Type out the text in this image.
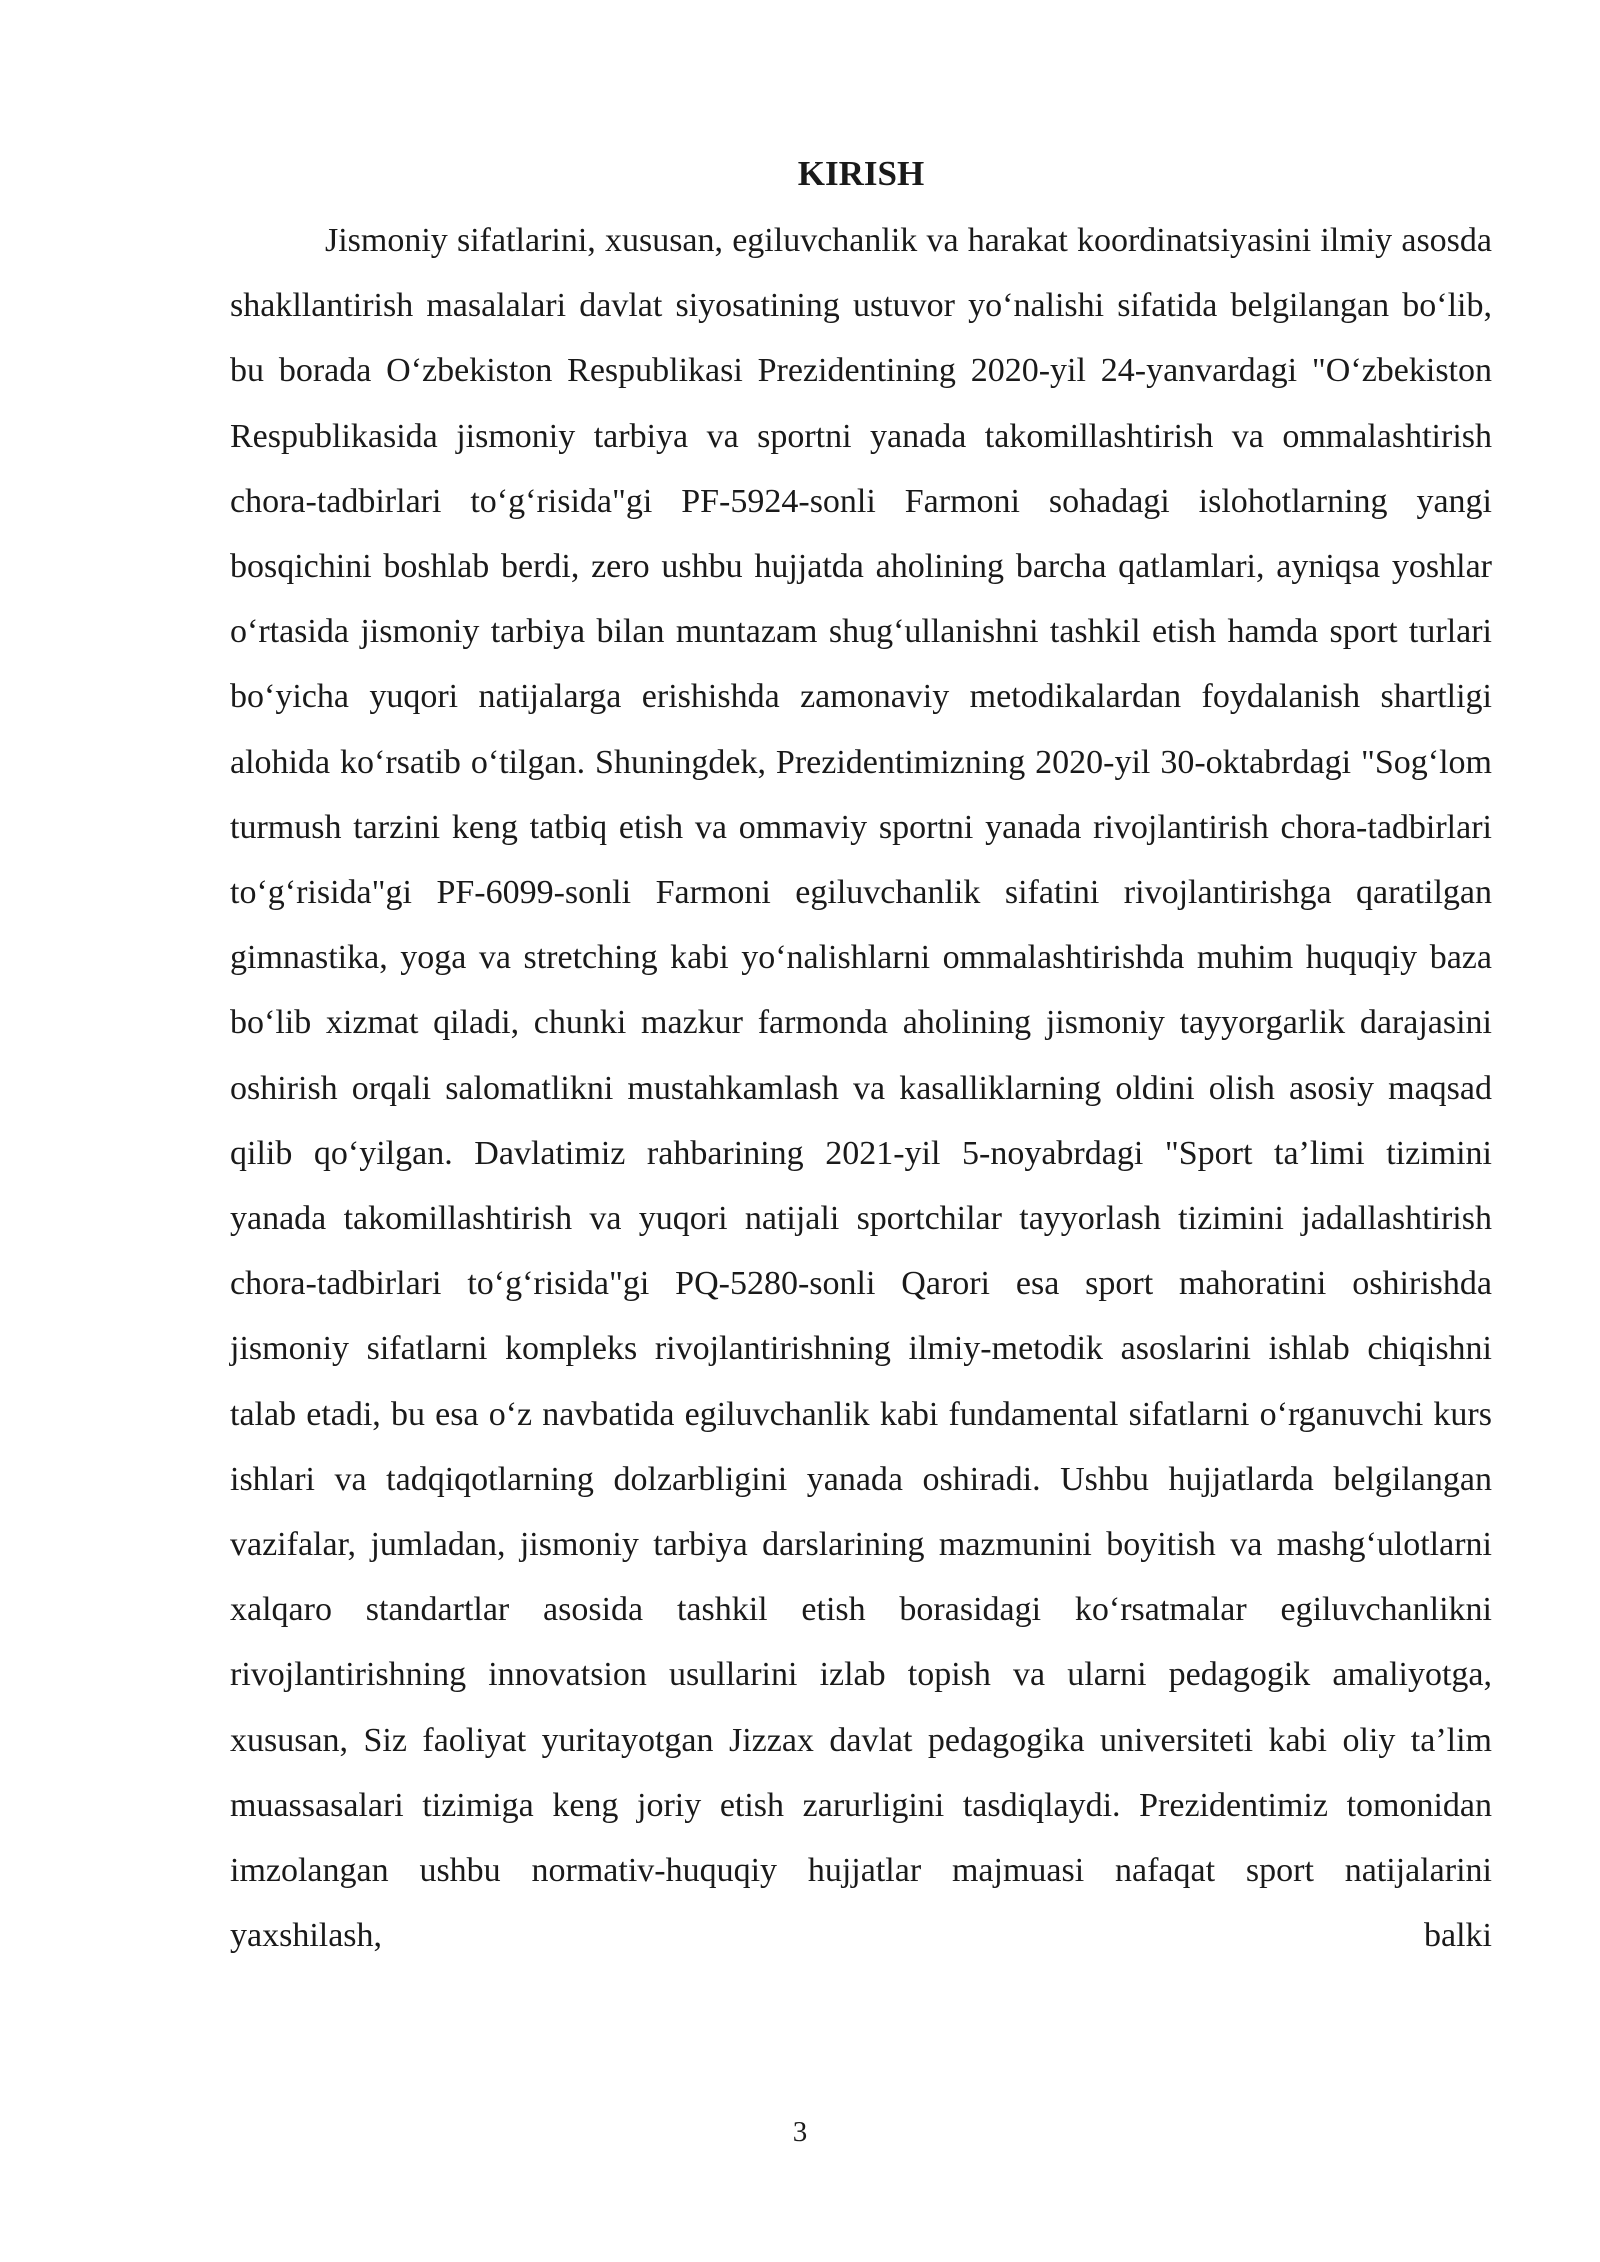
KIRISH

Jismoniy sifatlarini, xususan, egiluvchanlik va harakat koordinatsiyasini ilmiy asosda shakllantirish masalalari davlat siyosatining ustuvor yo‘nalishi sifatida belgilangan bo‘lib, bu borada O‘zbekiston Respublikasi Prezidentining 2020-yil 24-yanvardagi "O‘zbekiston Respublikasida jismoniy tarbiya va sportni yanada takomillashtirish va ommalashtirish chora-tadbirlari to‘g‘risida"gi PF-5924-sonli Farmoni sohadagi islohotlarning yangi bosqichini boshlab berdi, zero ushbu hujjatda aholining barcha qatlamlari, ayniqsa yoshlar o‘rtasida jismoniy tarbiya bilan muntazam shug‘ullanishni tashkil etish hamda sport turlari bo‘yicha yuqori natijalarga erishishda zamonaviy metodikalardan foydalanish shartligi alohida ko‘rsatib o‘tilgan. Shuningdek, Prezidentimizning 2020-yil 30-oktabrdagi "Sog‘lom turmush tarzini keng tatbiq etish va ommaviy sportni yanada rivojlantirish chora-tadbirlari to‘g‘risida"gi PF-6099-sonli Farmoni egiluvchanlik sifatini rivojlantirishga qaratilgan gimnastika, yoga va stretching kabi yo‘nalishlarni ommalashtirishda muhim huquqiy baza bo‘lib xizmat qiladi, chunki mazkur farmonda aholining jismoniy tayyorgarlik darajasini oshirish orqali salomatlikni mustahkamlash va kasalliklarning oldini olish asosiy maqsad qilib qo‘yilgan. Davlatimiz rahbarining 2021-yil 5-noyabrdagi "Sport ta’limi tizimini yanada takomillashtirish va yuqori natijali sportchilar tayyorlash tizimini jadallashtirish chora-tadbirlari to‘g‘risida"gi PQ-5280-sonli Qarori esa sport mahoratini oshirishda jismoniy sifatlarni kompleks rivojlantirishning ilmiy-metodik asoslarini ishlab chiqishni talab etadi, bu esa o‘z navbatida egiluvchanlik kabi fundamental sifatlarni o‘rganuvchi kurs ishlari va tadqiqotlarning dolzarbligini yanada oshiradi. Ushbu hujjatlarda belgilangan vazifalar, jumladan, jismoniy tarbiya darslarining mazmunini boyitish va mashg‘ulotlarni xalqaro standartlar asosida tashkil etish borasidagi ko‘rsatmalar egiluvchanlikni rivojlantirishning innovatsion usullarini izlab topish va ularni pedagogik amaliyotga, xususan, Siz faoliyat yuritayotgan Jizzax davlat pedagogika universiteti kabi oliy ta’lim muassasalari tizimiga keng joriy etish zarurligini tasdiqlaydi. Prezidentimiz tomonidan imzolangan ushbu normativ-huquqiy hujjatlar majmuasi nafaqat sport natijalarini yaxshilash, balki

3
